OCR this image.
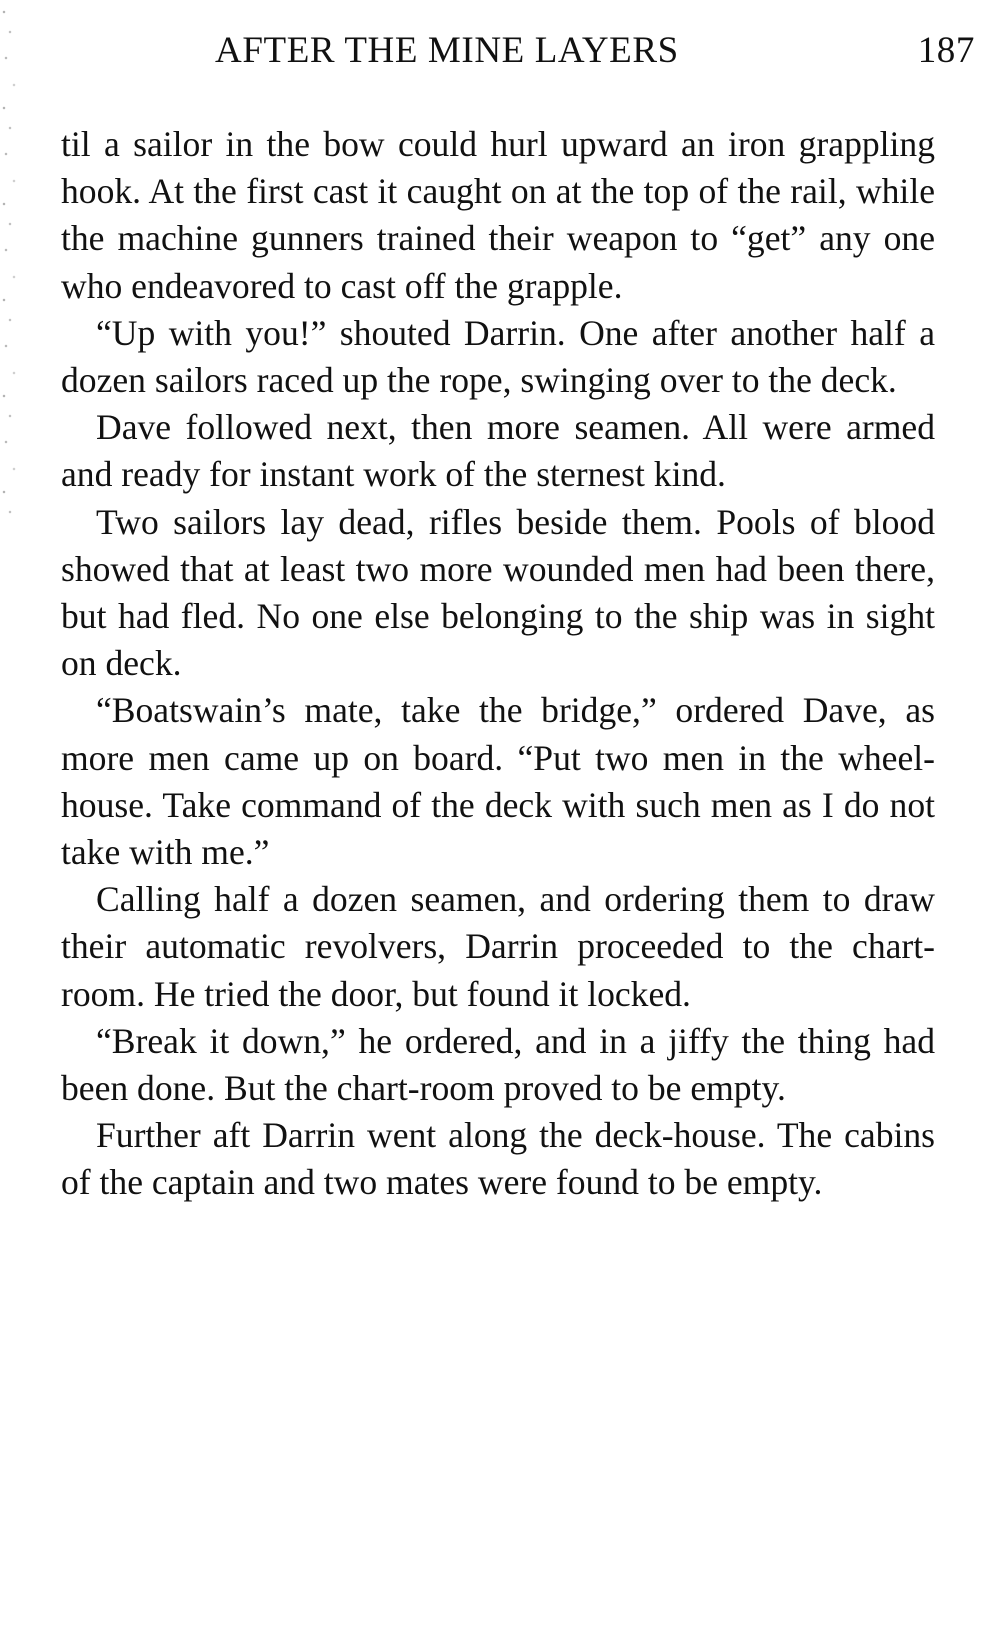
AFTER THE MINE LAYERS	187

til a sailor in the bow could hurl upward an iron grappling hook. At the first cast it caught on at the top of the rail, while the machine gunners trained their weapon to “get” any one who endeavored to cast off the grapple.

“Up with you!” shouted Darrin. One after another half a dozen sailors raced up the rope, swinging over to the deck.

Dave followed next, then more seamen. All were armed and ready for instant work of the sternest kind.

Two sailors lay dead, rifles beside them. Pools of blood showed that at least two more wounded men had been there, but had fled. No one else belonging to the ship was in sight on deck.

“Boatswain’s mate, take the bridge,” ordered Dave, as more men came up on board. “Put two men in the wheel-house. Take command of the deck with such men as I do not take with me.”

Calling half a dozen seamen, and ordering them to draw their automatic revolvers, Darrin proceeded to the chart-room. He tried the door, but found it locked.

“Break it down,” he ordered, and in a jiffy the thing had been done. But the chart-room proved to be empty.

Further aft Darrin went along the deck-house. The cabins of the captain and two mates were found to be empty.
